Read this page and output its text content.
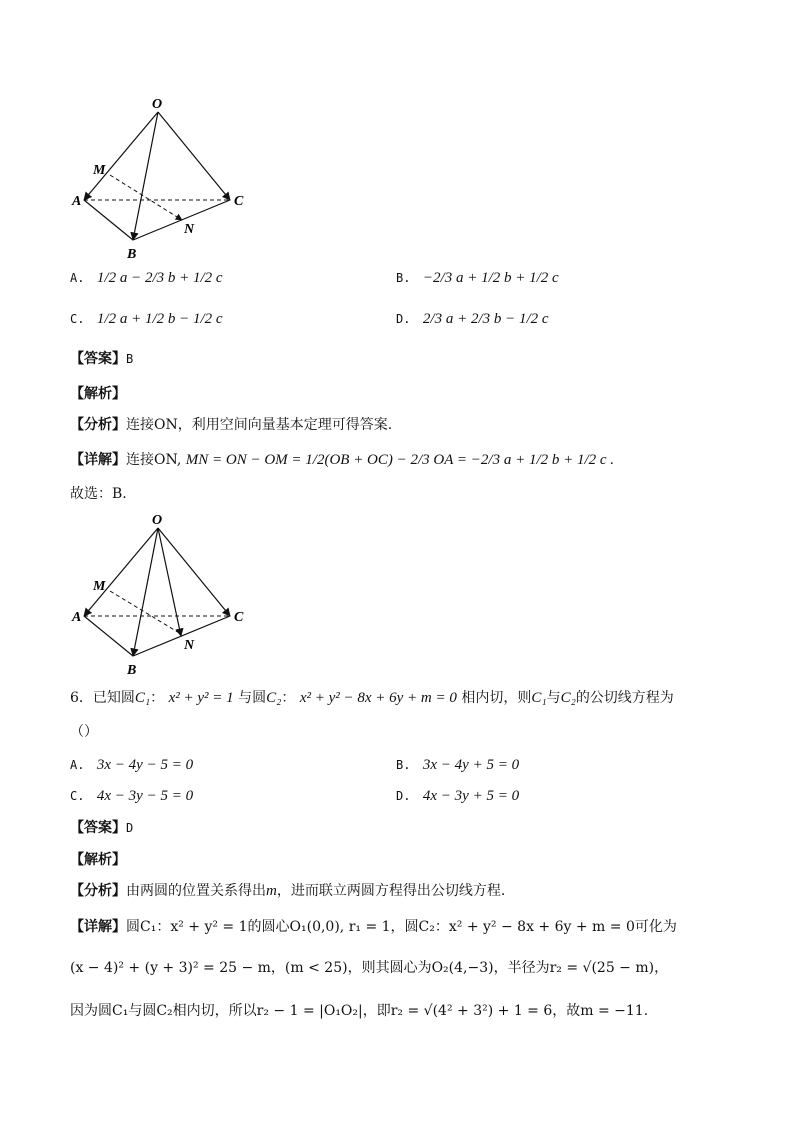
O
M
A	C
N
B
A. 1/2 a − 2/3 b + 1/2 c	B. −2/3 a + 1/2 b + 1/2 c
C. 1/2 a + 1/2 b − 1/2 c	D. 2/3 a + 2/3 b − 1/2 c
【答案】B
【解析】
【分析】连接ON，利用空间向量基本定理可得答案.
【详解】连接ON, MN = ON − OM = 1/2(OB + OC) − 2/3 OA = −2/3 a + 1/2 b + 1/2 c .
故选：B.
O
M
A	C
N
B
6．已知圆C₁： x² + y² = 1 与圆C₂： x² + y² − 8x + 6y + m = 0 相内切，则C₁与C₂的公切线方程为
（）
A. 3x − 4y − 5 = 0	B. 3x − 4y + 5 = 0
C. 4x − 3y − 5 = 0	D. 4x − 3y + 5 = 0
【答案】D
【解析】
【分析】由两圆的位置关系得出m，进而联立两圆方程得出公切线方程.
【详解】圆C₁：x² + y² = 1的圆心O₁(0,0), r₁ = 1，圆C₂：x² + y² − 8x + 6y + m = 0可化为
(x − 4)² + (y + 3)² = 25 − m，(m < 25)，则其圆心为O₂(4,−3)，半径为r₂ = √(25 − m)，
因为圆C₁与圆C₂相内切，所以r₂ − 1 = |O₁O₂|，即r₂ = √(4² + 3²) + 1 = 6，故m = −11.
